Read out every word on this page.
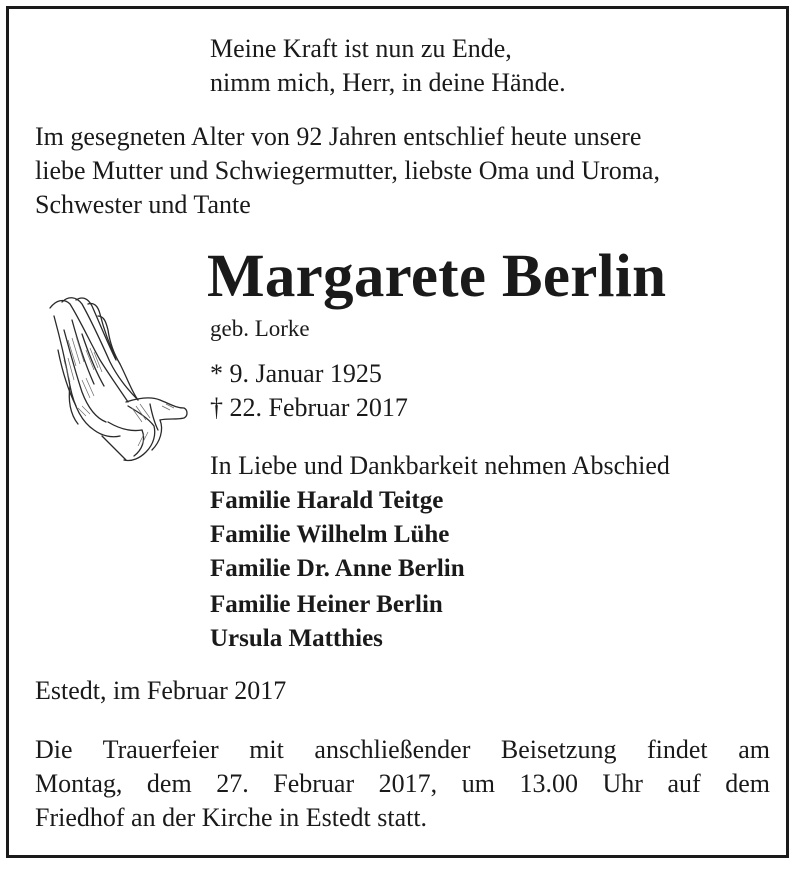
Meine Kraft ist nun zu Ende,
nimm mich, Herr, in deine Hände.
Im gesegneten Alter von 92 Jahren entschlief heute unsere
liebe Mutter und Schwiegermutter, liebste Oma und Uroma,
Schwester und Tante
Margarete Berlin
geb. Lorke
* 9. Januar 1925
† 22. Februar 2017
In Liebe und Dankbarkeit nehmen Abschied
Familie Harald Teitge
Familie Wilhelm Lühe
Familie Dr. Anne Berlin
Familie Heiner Berlin
Ursula Matthies
Estedt, im Februar 2017
Die Trauerfeier mit anschließender Beisetzung findet am
Montag, dem 27. Februar 2017, um 13.00 Uhr auf dem
Friedhof an der Kirche in Estedt statt.
